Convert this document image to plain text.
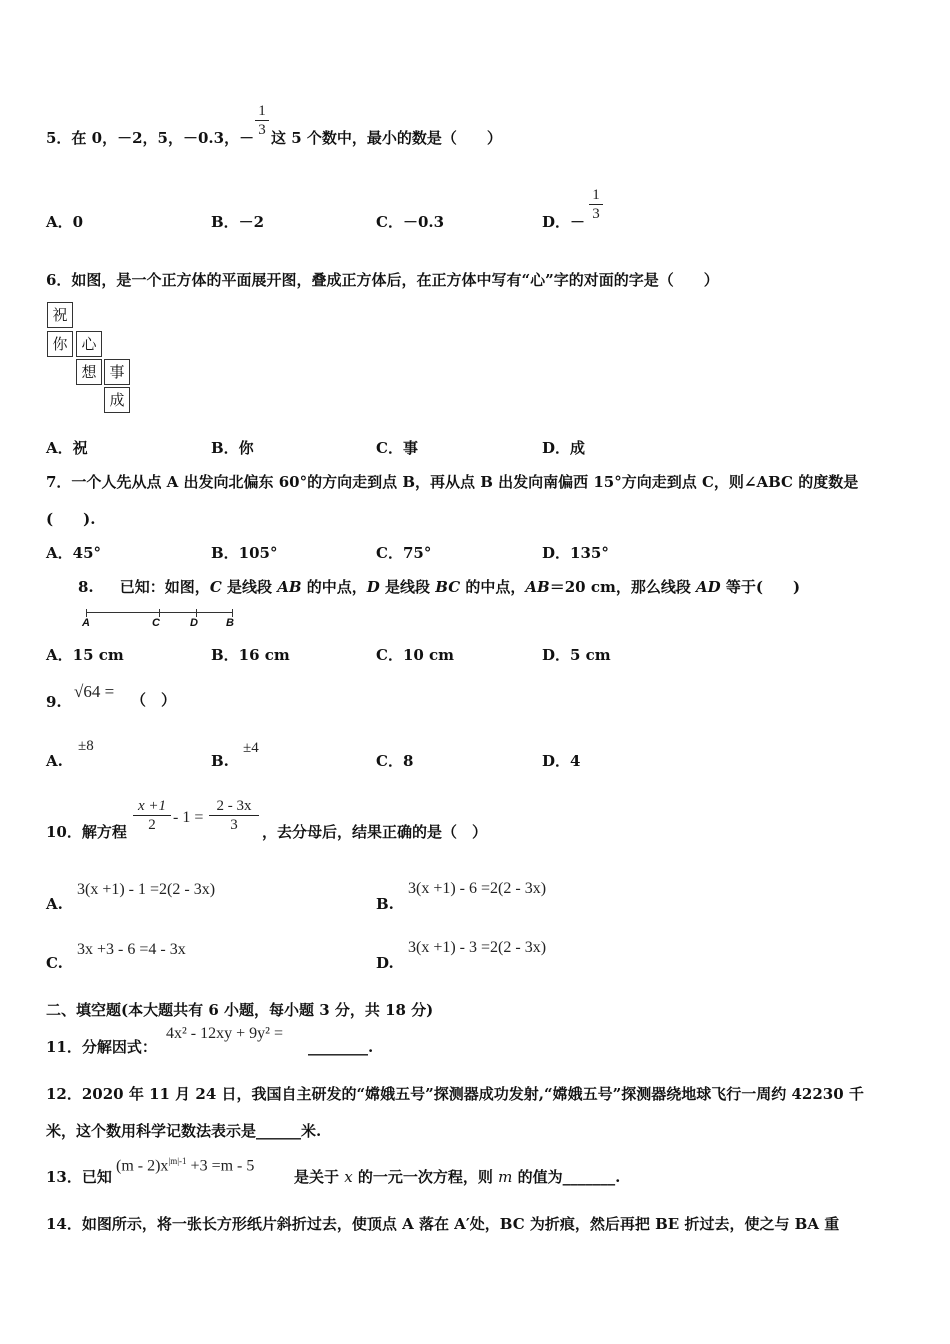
5．在 0，－2，5，－0.3，－ $\frac{1}{3}$ 这 5 个数中，最小的数是（　　）
A．0	B．－2	C．－0.3	D．－ $\frac{1}{3}$
6．如图，是一个正方体的平面展开图，叠成正方体后，在正方体中写有“心”字的对面的字是（　　）
祝
你 心
想 事
成
A．祝	B．你	C．事	D．成
7．一个人先从点 A 出发向北偏东 60°的方向走到点 B，再从点 B 出发向南偏西 15°方向走到点 C，则∠ABC 的度数是
(　　).
A．45°	B．105°	C．75°	D．135°
8. 已知：如图，C 是线段 AB 的中点，D 是线段 BC 的中点，AB＝20 cm，那么线段 AD 等于(　　)
A	C	D	B
A．15 cm	B．16 cm	C．10 cm	D．5 cm
9.
√64 = （　）
A.
±8
B.
±4
C．8	D．4
10．解方程 $\frac{x +1}{2} - 1 = \frac{2 - 3x}{3}$ ，去分母后，结果正确的是（　）
A.
3(x +1) - 1 =2(2 - 3x)
B.
3(x +1) - 6 =2(2 - 3x)
C.
3x +3 - 6 =4 - 3x
D.
3(x +1) - 3 =2(2 - 3x)
二、填空题(本大题共有 6 小题，每小题 3 分，共 18 分)
11．分解因式：
4x² - 12xy + 9y² =
________.
12．2020 年 11 月 24 日，我国自主研发的“嫦娥五号”探测器成功发射,“嫦娥五号”探测器绕地球飞行一周约 42230 千
米，这个数用科学记数法表示是______米.
13．已知
$(m - 2)x^{|m|-1} +3 =m - 5$
是关于 x 的一元一次方程，则 m 的值为_______.
14．如图所示，将一张长方形纸片斜折过去，使顶点 A 落在 A′处，BC 为折痕，然后再把 BE 折过去，使之与 BA 重
